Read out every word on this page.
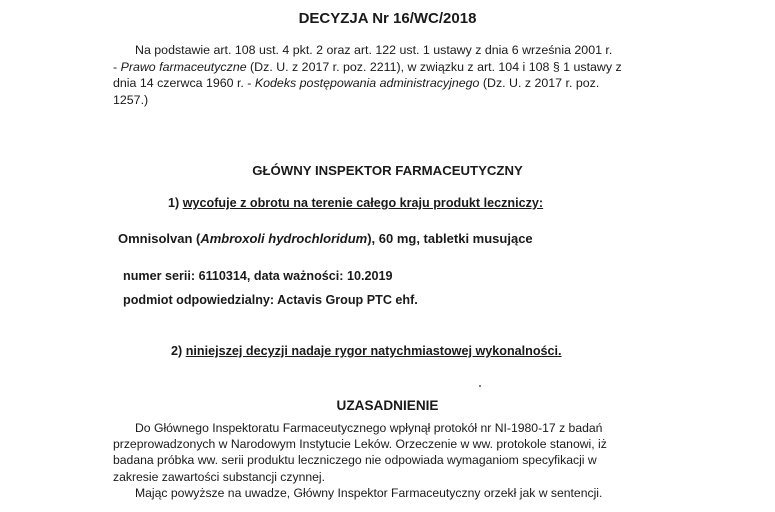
DECYZJA Nr 16/WC/2018

Na podstawie art. 108 ust. 4 pkt. 2 oraz art. 122 ust. 1 ustawy z dnia 6 września 2001 r.

- Prawo farmaceutyczne (Dz. U. z 2017 r. poz. 2211), w związku z art. 104 i 108 § 1 ustawy z

dnia 14 czerwca 1960 r. - Kodeks postępowania administracyjnego (Dz. U. z 2017 r. poz.

1257.)

GŁÓWNY INSPEKTOR FARMACEUTYCZNY
1) wycofuje z obrotu na terenie całego kraju produkt leczniczy:
Omnisolvan (Ambroxoli hydrochloridum), 60 mg, tabletki musujące
numer serii: 6110314, data ważności: 10.2019
podmiot odpowiedzialny: Actavis Group PTC ehf.
2) niniejszej decyzji nadaje rygor natychmiastowej wykonalności.
UZASADNIENIE

Do Głównego Inspektoratu Farmaceutycznego wpłynął protokół nr NI-1980-17 z badań

przeprowadzonych w Narodowym Instytucie Leków. Orzeczenie w ww. protokole stanowi, iż

badana próbka ww. serii produktu leczniczego nie odpowiada wymaganiom specyfikacji w

zakresie zawartości substancji czynnej.

Mając powyższe na uwadze, Główny Inspektor Farmaceutyczny orzekł jak w sentencji.
